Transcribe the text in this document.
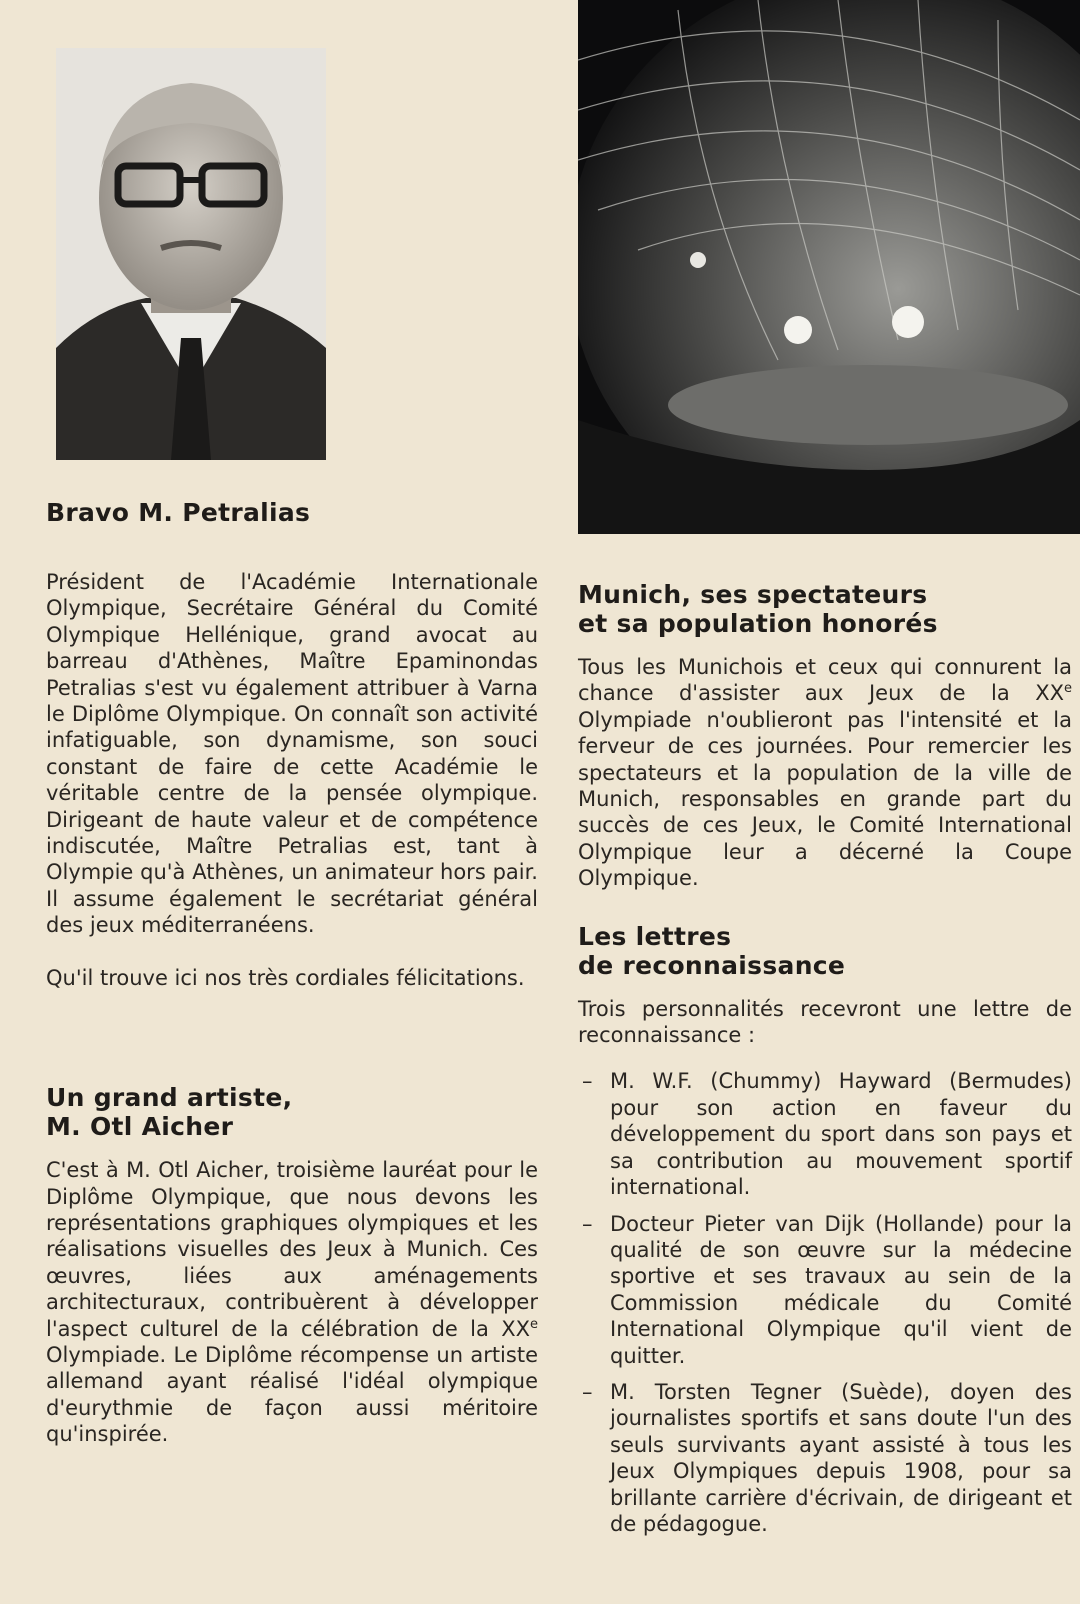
Bravo M. Petralias

Président de l'Académie Internationale Olympique, Secrétaire Général du Comité Olympique Hellénique, grand avocat au barreau d'Athènes, Maître Epaminondas Petralias s'est vu également attribuer à Varna le Diplôme Olympique. On connaît son activité infatiguable, son dynamisme, son souci constant de faire de cette Académie le véritable centre de la pensée olympique. Dirigeant de haute valeur et de compétence indiscutée, Maître Petralias est, tant à Olympie qu'à Athènes, un animateur hors pair. Il assume également le secrétariat général des jeux méditerranéens.

Qu'il trouve ici nos très cordiales félicitations.

Un grand artiste,
M. Otl Aicher

C'est à M. Otl Aicher, troisième lauréat pour le Diplôme Olympique, que nous devons les représentations graphiques olympiques et les réalisations visuelles des Jeux à Munich. Ces œuvres, liées aux aménagements architecturaux, contribuèrent à développer l'aspect culturel de la célébration de la XXe Olympiade. Le Diplôme récompense un artiste allemand ayant réalisé l'idéal olympique d'eurythmie de façon aussi méritoire qu'inspirée.

Munich, ses spectateurs
et sa population honorés

Tous les Munichois et ceux qui connurent la chance d'assister aux Jeux de la XXe Olympiade n'oublieront pas l'intensité et la ferveur de ces journées. Pour remercier les spectateurs et la population de la ville de Munich, responsables en grande part du succès de ces Jeux, le Comité International Olympique leur a décerné la Coupe Olympique.

Les lettres
de reconnaissance

Trois personnalités recevront une lettre de reconnaissance :

– M. W.F. (Chummy) Hayward (Bermudes) pour son action en faveur du développement du sport dans son pays et sa contribution au mouvement sportif international.
– Docteur Pieter van Dijk (Hollande) pour la qualité de son œuvre sur la médecine sportive et ses travaux au sein de la Commission médicale du Comité International Olympique qu'il vient de quitter.
– M. Torsten Tegner (Suède), doyen des journalistes sportifs et sans doute l'un des seuls survivants ayant assisté à tous les Jeux Olympiques depuis 1908, pour sa brillante carrière d'écrivain, de dirigeant et de pédagogue.
